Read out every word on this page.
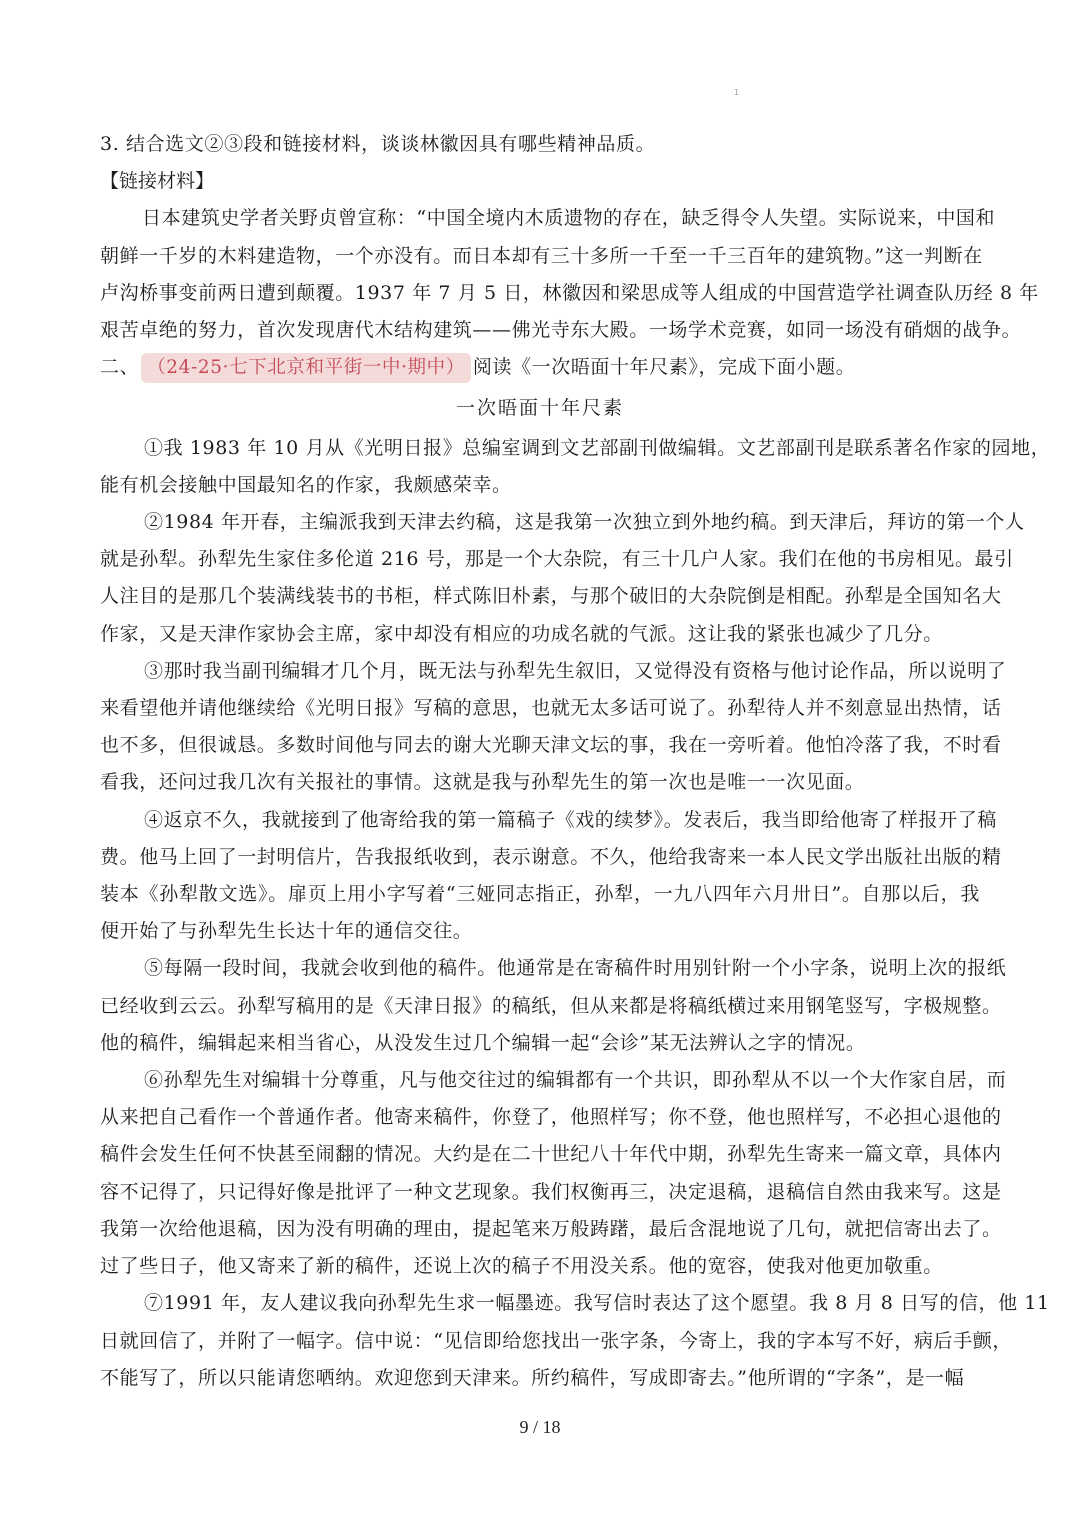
1
3. 结合选文②③段和链接材料，谈谈林徽因具有哪些精神品质。
【链接材料】
日本建筑史学者关野贞曾宣称：“中国全境内木质遗物的存在，缺乏得令人失望。实际说来，中国和
朝鲜一千岁的木料建造物，一个亦没有。而日本却有三十多所一千至一千三百年的建筑物。”这一判断在
卢沟桥事变前两日遭到颠覆。1937 年 7 月 5 日，林徽因和梁思成等人组成的中国营造学社调查队历经 8 年
艰苦卓绝的努力，首次发现唐代木结构建筑——佛光寺东大殿。一场学术竞赛，如同一场没有硝烟的战争。
二、 （24-25·七下北京和平街一中·期中） 阅读《一次晤面十年尺素》，完成下面小题。
一次晤面十年尺素
①我 1983 年 10 月从《光明日报》总编室调到文艺部副刊做编辑。文艺部副刊是联系著名作家的园地，
能有机会接触中国最知名的作家，我颇感荣幸。
②1984 年开春，主编派我到天津去约稿，这是我第一次独立到外地约稿。到天津后，拜访的第一个人
就是孙犁。孙犁先生家住多伦道 216 号，那是一个大杂院，有三十几户人家。我们在他的书房相见。最引
人注目的是那几个装满线装书的书柜，样式陈旧朴素，与那个破旧的大杂院倒是相配。孙犁是全国知名大
作家，又是天津作家协会主席，家中却没有相应的功成名就的气派。这让我的紧张也减少了几分。
③那时我当副刊编辑才几个月，既无法与孙犁先生叙旧，又觉得没有资格与他讨论作品，所以说明了
来看望他并请他继续给《光明日报》写稿的意思，也就无太多话可说了。孙犁待人并不刻意显出热情，话
也不多，但很诚恳。多数时间他与同去的谢大光聊天津文坛的事，我在一旁听着。他怕冷落了我，不时看
看我，还问过我几次有关报社的事情。这就是我与孙犁先生的第一次也是唯一一次见面。
④返京不久，我就接到了他寄给我的第一篇稿子《戏的续梦》。发表后，我当即给他寄了样报开了稿
费。他马上回了一封明信片，告我报纸收到，表示谢意。不久，他给我寄来一本人民文学出版社出版的精
装本《孙犁散文选》。扉页上用小字写着“三娅同志指正，孙犁，一九八四年六月卅日”。自那以后，我
便开始了与孙犁先生长达十年的通信交往。
⑤每隔一段时间，我就会收到他的稿件。他通常是在寄稿件时用别针附一个小字条，说明上次的报纸
已经收到云云。孙犁写稿用的是《天津日报》的稿纸，但从来都是将稿纸横过来用钢笔竖写，字极规整。
他的稿件，编辑起来相当省心，从没发生过几个编辑一起“会诊”某无法辨认之字的情况。
⑥孙犁先生对编辑十分尊重，凡与他交往过的编辑都有一个共识，即孙犁从不以一个大作家自居，而
从来把自己看作一个普通作者。他寄来稿件，你登了，他照样写；你不登，他也照样写，不必担心退他的
稿件会发生任何不快甚至闹翻的情况。大约是在二十世纪八十年代中期，孙犁先生寄来一篇文章，具体内
容不记得了，只记得好像是批评了一种文艺现象。我们权衡再三，决定退稿，退稿信自然由我来写。这是
我第一次给他退稿，因为没有明确的理由，提起笔来万般踌躇，最后含混地说了几句，就把信寄出去了。
过了些日子，他又寄来了新的稿件，还说上次的稿子不用没关系。他的宽容，使我对他更加敬重。
⑦1991 年，友人建议我向孙犁先生求一幅墨迹。我写信时表达了这个愿望。我 8 月 8 日写的信，他 11
日就回信了，并附了一幅字。信中说：“见信即给您找出一张字条，今寄上，我的字本写不好，病后手颤，
不能写了，所以只能请您哂纳。欢迎您到天津来。所约稿件，写成即寄去。”他所谓的“字条”，是一幅
9 / 18
